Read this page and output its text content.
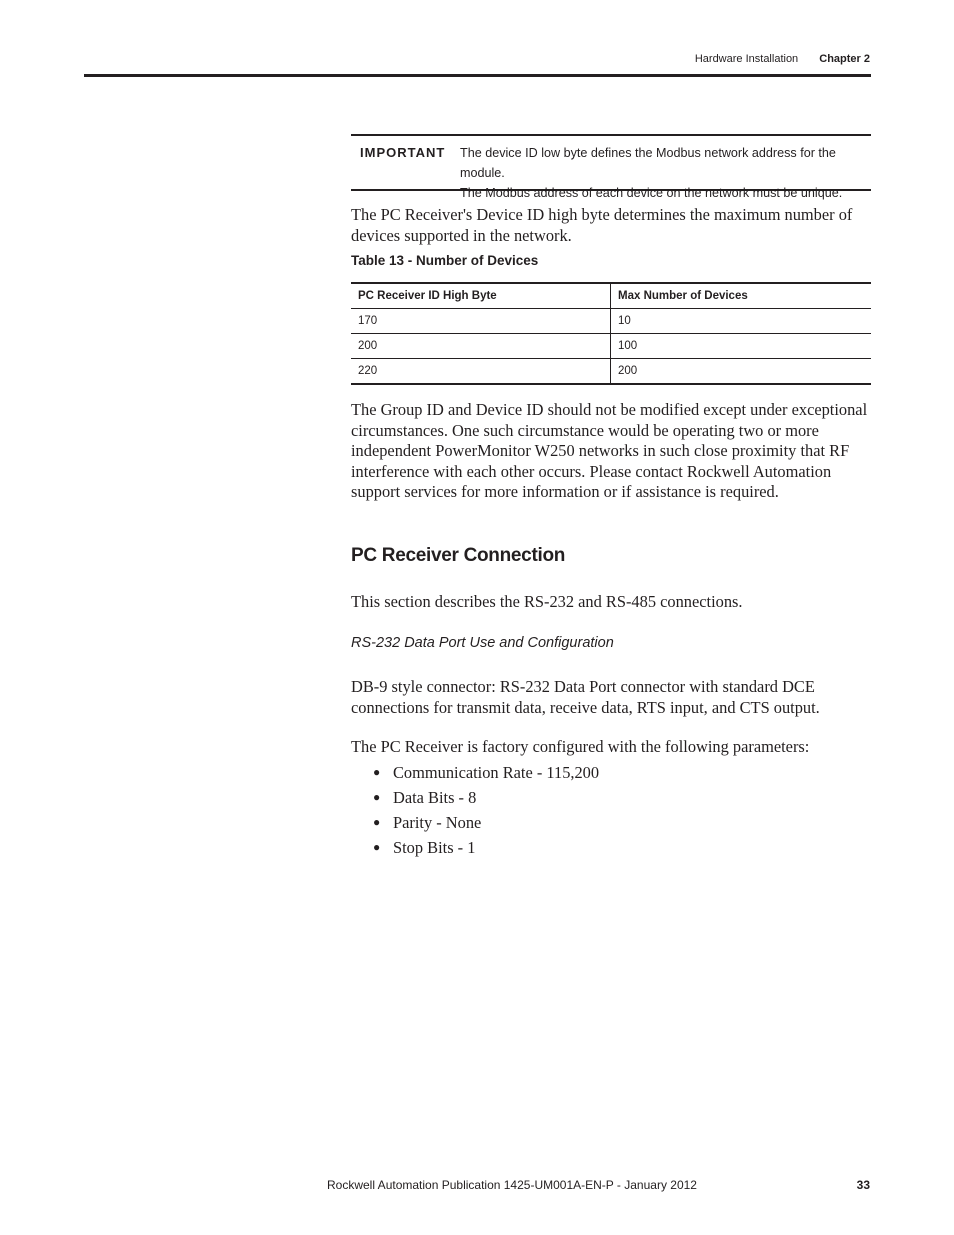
Hardware Installation Chapter 2
IMPORTANT The device ID low byte defines the Modbus network address for the module.
The Modbus address of each device on the network must be unique.

The PC Receiver's Device ID high byte determines the maximum number of devices supported in the network.

Table 13 - Number of Devices
PC Receiver ID High Byte	Max Number of Devices
170	10
200	100
220	200

The Group ID and Device ID should not be modified except under exceptional circumstances. One such circumstance would be operating two or more independent PowerMonitor W250 networks in such close proximity that RF interference with each other occurs. Please contact Rockwell Automation support services for more information or if assistance is required.

PC Receiver Connection

This section describes the RS-232 and RS-485 connections.

RS-232 Data Port Use and Configuration

DB-9 style connector: RS-232 Data Port connector with standard DCE connections for transmit data, receive data, RTS input, and CTS output.

The PC Receiver is factory configured with the following parameters:

● Communication Rate - 115,200
● Data Bits - 8
● Parity - None
● Stop Bits - 1
Rockwell Automation Publication 1425-UM001A-EN-P - January 2012	33
